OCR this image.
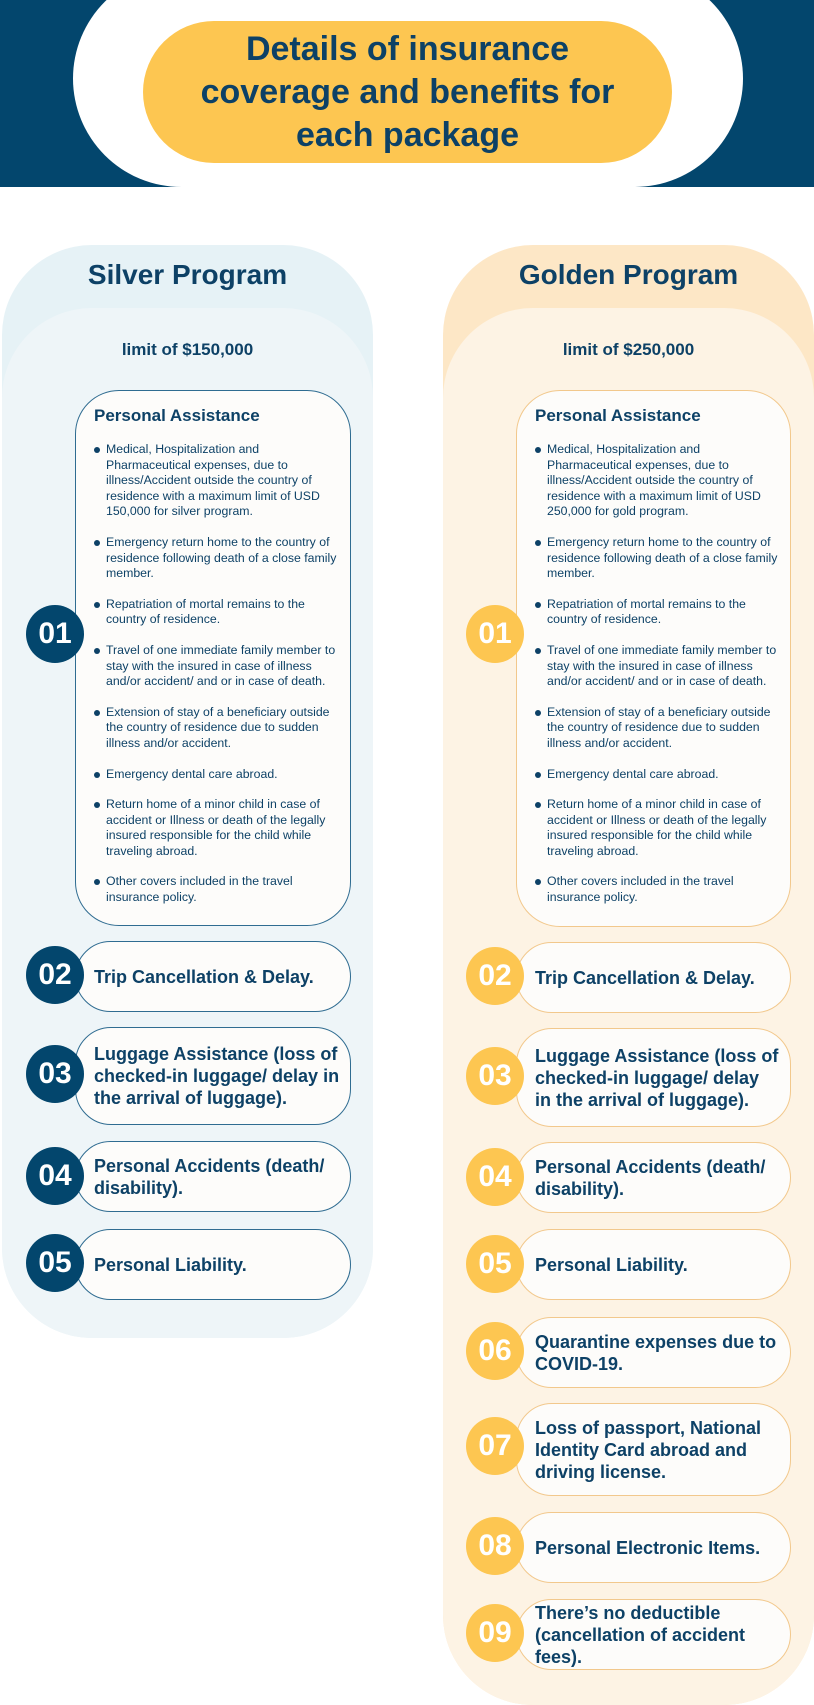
Details of insurance coverage and benefits for each package
Silver Program
limit of $150,000
Personal Assistance
Medical, Hospitalization and Pharmaceutical expenses, due to illness/Accident outside the country of residence with a maximum limit of USD 150,000 for silver program.
Emergency return home to the country of residence following death of a close family member.
Repatriation of mortal remains to the country of residence.
Travel of one immediate family member to stay with the insured in case of illness and/or accident/ and or in case of death.
Extension of stay of a beneficiary outside the country of residence due to sudden illness and/or accident.
Emergency dental care abroad.
Return home of a minor child in case of accident or Illness or death of the legally insured responsible for the child while traveling abroad.
Other covers included in the travel insurance policy.
01
Trip Cancellation & Delay.
02
Luggage Assistance (loss of checked-in luggage/ delay in the arrival of luggage).
03
Personal Accidents (death/ disability).
04
Personal Liability.
05
Golden Program
limit of $250,000
Personal Assistance
Medical, Hospitalization and Pharmaceutical expenses, due to illness/Accident outside the country of residence with a maximum limit of USD 250,000 for gold program.
Emergency return home to the country of residence following death of a close family member.
Repatriation of mortal remains to the country of residence.
Travel of one immediate family member to stay with the insured in case of illness and/or accident/ and or in case of death.
Extension of stay of a beneficiary outside the country of residence due to sudden illness and/or accident.
Emergency dental care abroad.
Return home of a minor child in case of accident or Illness or death of the legally insured responsible for the child while traveling abroad.
Other covers included in the travel insurance policy.
01
Trip Cancellation & Delay.
02
Luggage Assistance (loss of checked-in luggage/ delay in the arrival of luggage).
03
Personal Accidents (death/ disability).
04
Personal Liability.
05
Quarantine expenses due to COVID-19.
06
Loss of passport, National Identity Card abroad and driving license.
07
Personal Electronic Items.
08
There’s no deductible (cancellation of accident fees).
09
